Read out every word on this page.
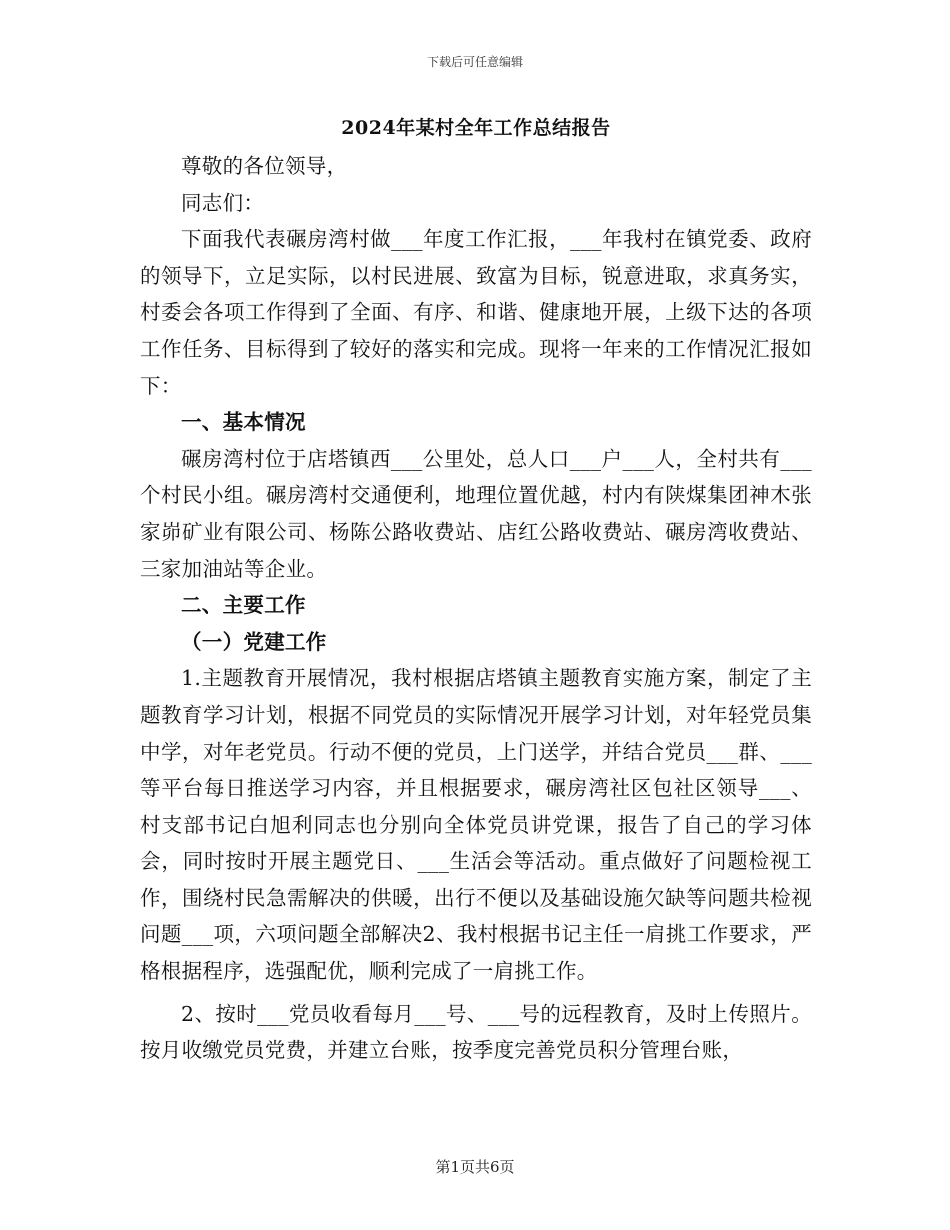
下载后可任意编辑
2024年某村全年工作总结报告

尊敬的各位领导，

同志们：

下面我代表碾房湾村做___年度工作汇报，___年我村在镇党委、政府的领导下，立足实际，以村民进展、致富为目标，锐意进取，求真务实，村委会各项工作得到了全面、有序、和谐、健康地开展，上级下达的各项工作任务、目标得到了较好的落实和完成。现将一年来的工作情况汇报如下：

一、基本情况

碾房湾村位于店塔镇西___公里处，总人口___户___人，全村共有___个村民小组。碾房湾村交通便利，地理位置优越，村内有陕煤集团神木张家峁矿业有限公司、杨陈公路收费站、店红公路收费站、碾房湾收费站、三家加油站等企业。

二、主要工作

（一）党建工作

1.主题教育开展情况，我村根据店塔镇主题教育实施方案，制定了主题教育学习计划，根据不同党员的实际情况开展学习计划，对年轻党员集中学，对年老党员。行动不便的党员，上门送学，并结合党员___群、___等平台每日推送学习内容，并且根据要求，碾房湾社区包社区领导___、村支部书记白旭利同志也分别向全体党员讲党课，报告了自己的学习体会，同时按时开展主题党日、___生活会等活动。重点做好了问题检视工作，围绕村民急需解决的供暖，出行不便以及基础设施欠缺等问题共检视问题___项，六项问题全部解决2、我村根据书记主任一肩挑工作要求，严格根据程序，选强配优，顺利完成了一肩挑工作。

2、按时___党员收看每月___号、___号的远程教育，及时上传照片。按月收缴党员党费，并建立台账，按季度完善党员积分管理台账，

第1页共6页
